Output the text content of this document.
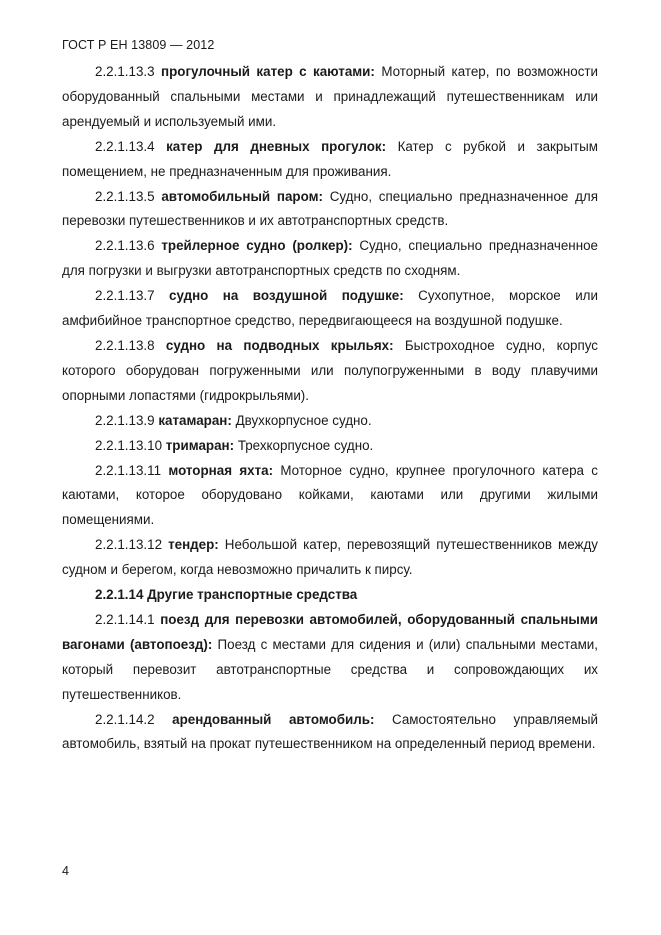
ГОСТ Р ЕН 13809 — 2012

2.2.1.13.3 прогулочный катер с каютами: Моторный катер, по возможности оборудованный спальными местами и принадлежащий путешественникам или арендуемый и используемый ими.

2.2.1.13.4 катер для дневных прогулок: Катер с рубкой и закрытым помещением, не предназначенным для проживания.

2.2.1.13.5 автомобильный паром: Судно, специально предназначенное для перевозки путешественников и их автотранспортных средств.

2.2.1.13.6 трейлерное судно (ролкер): Судно, специально предназначенное для погрузки и выгрузки автотранспортных средств по сходням.

2.2.1.13.7 судно на воздушной подушке: Сухопутное, морское или амфибийное транспортное средство, передвигающееся на воздушной подушке.

2.2.1.13.8 судно на подводных крыльях: Быстроходное судно, корпус которого оборудован погруженными или полупогруженными в воду плавучими опорными лопастями (гидрокрыльями).

2.2.1.13.9 катамаран: Двухкорпусное судно.

2.2.1.13.10 тримаран: Трехкорпусное судно.

2.2.1.13.11 моторная яхта: Моторное судно, крупнее прогулочного катера с каютами, которое оборудовано койками, каютами или другими жилыми помещениями.

2.2.1.13.12 тендер: Небольшой катер, перевозящий путешественников между судном и берегом, когда невозможно причалить к пирсу.

2.2.1.14 Другие транспортные средства

2.2.1.14.1 поезд для перевозки автомобилей, оборудованный спальными вагонами (автопоезд): Поезд с местами для сидения и (или) спальными местами, который перевозит автотранспортные средства и сопровождающих их путешественников.

2.2.1.14.2 арендованный автомобиль: Самостоятельно управляемый автомобиль, взятый на прокат путешественником на определенный период времени.

4
